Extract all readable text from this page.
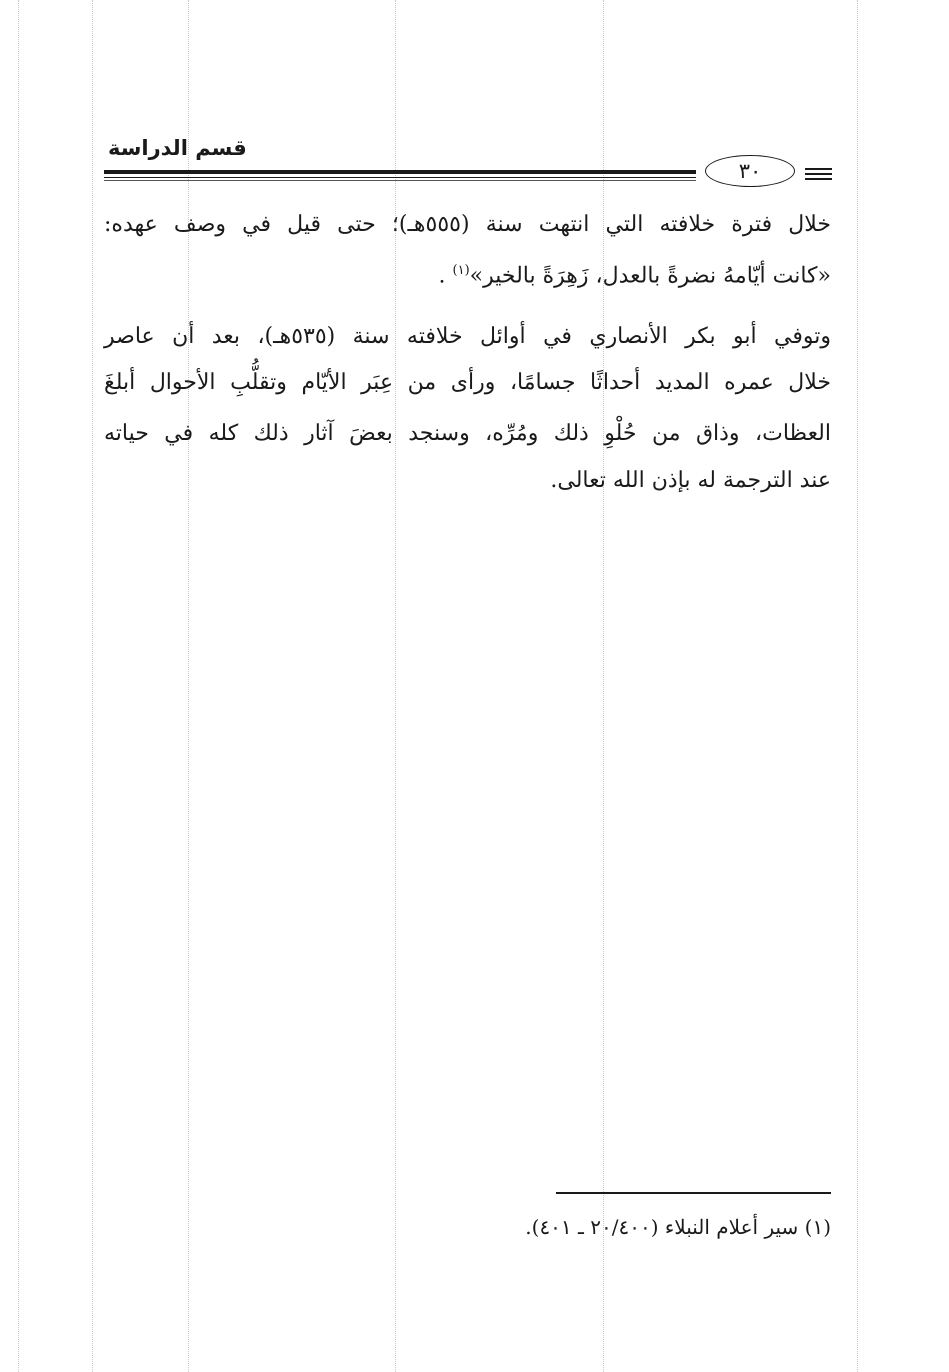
قسم الدراسة
٣٠
خلال فترة خلافته التي انتهت سنة (٥٥٥هـ)؛ حتى قيل في وصف عهده:
«كانت أيّامهُ نضرةً بالعدل، زَهِرَةً بالخير»$^{(١)}$ .
وتوفي أبو بكر الأنصاري في أوائل خلافته سنة (٥٣٥هـ)، بعد أن عاصر
خلال عمره المديد أحداثًا جسامًا، ورأى من عِبَر الأيّام وتقلُّبِ الأحوال أبلغَ
العظات، وذاق من حُلْوِ ذلك ومُرِّه، وسنجد بعضَ آثار ذلك كله في حياته
عند الترجمة له بإذن الله تعالى.
(١) سير أعلام النبلاء (٢٠/٤٠٠ ـ ٤٠١).
